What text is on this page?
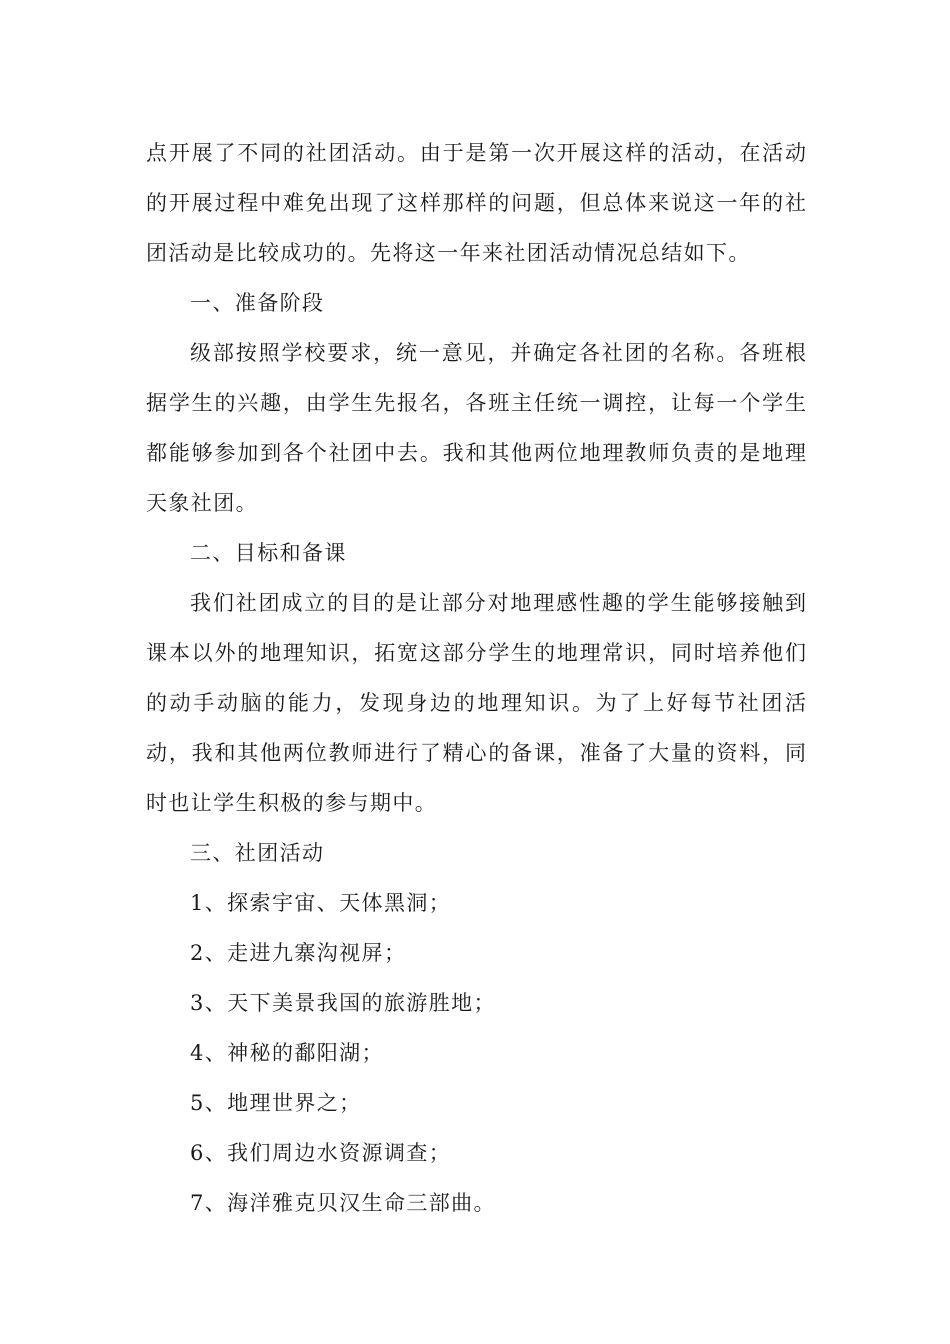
点开展了不同的社团活动。由于是第一次开展这样的活动，在活动
的开展过程中难免出现了这样那样的问题，但总体来说这一年的社
团活动是比较成功的。先将这一年来社团活动情况总结如下。
一、准备阶段
级部按照学校要求，统一意见，并确定各社团的名称。各班根
据学生的兴趣，由学生先报名，各班主任统一调控，让每一个学生
都能够参加到各个社团中去。我和其他两位地理教师负责的是地理
天象社团。
二、目标和备课
我们社团成立的目的是让部分对地理感性趣的学生能够接触到
课本以外的地理知识，拓宽这部分学生的地理常识，同时培养他们
的动手动脑的能力，发现身边的地理知识。为了上好每节社团活
动，我和其他两位教师进行了精心的备课，准备了大量的资料，同
时也让学生积极的参与期中。
三、社团活动
1、探索宇宙、天体黑洞；
2、走进九寨沟视屏；
3、天下美景我国的旅游胜地；
4、神秘的鄱阳湖；
5、地理世界之；
6、我们周边水资源调查；
7、海洋雅克贝汉生命三部曲。
